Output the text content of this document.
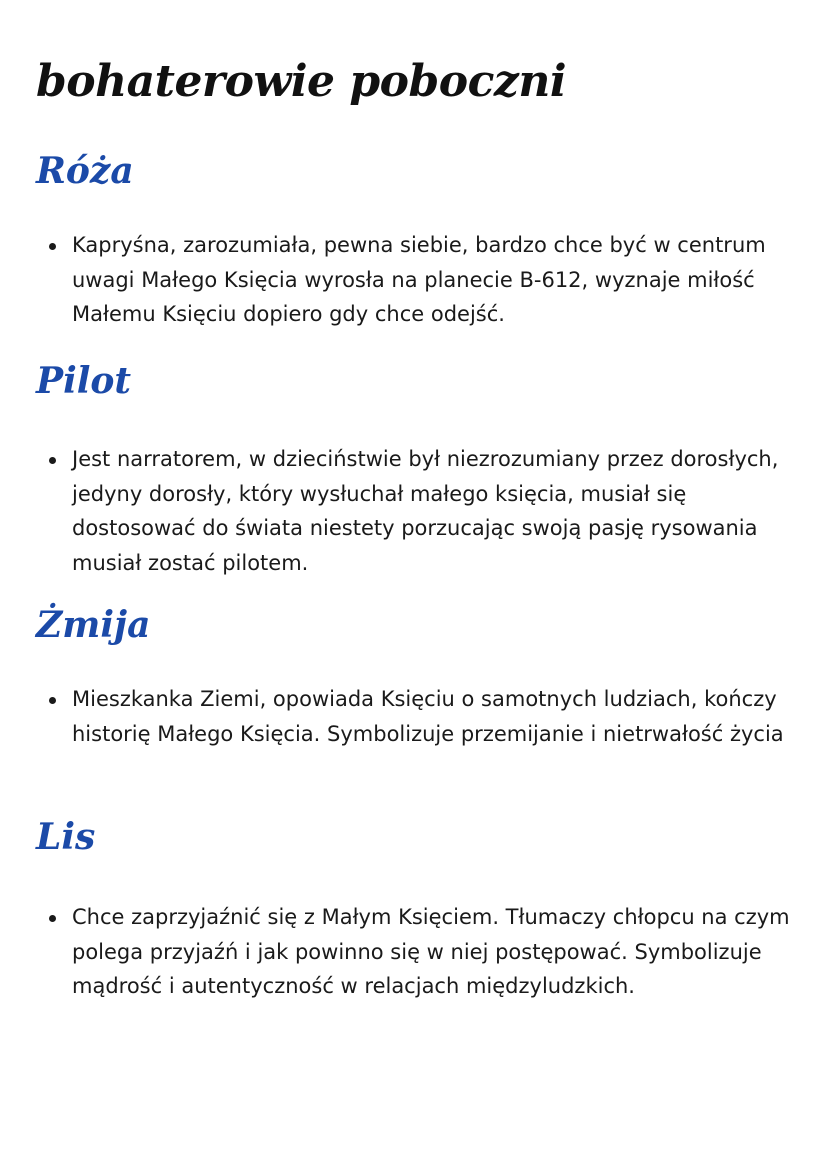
bohaterowie poboczni
Róża
Kapryśna, zarozumiała, pewna siebie, bardzo chce być w centrum uwagi Małego Księcia wyrosła na planecie B-612, wyznaje miłość Małemu Księciu dopiero gdy chce odejść.
Pilot
Jest narratorem, w dzieciństwie był niezrozumiany przez dorosłych, jedyny dorosły, który wysłuchał małego księcia, musiał się dostosować do świata niestety porzucając swoją pasję rysowania musiał zostać pilotem.
Żmija
Mieszkanka Ziemi, opowiada Księciu o samotnych ludziach, kończy historię Małego Księcia. Symbolizuje przemijanie i nietrwałość życia
Lis
Chce zaprzyjaźnić się z Małym Księciem. Tłumaczy chłopcu na czym polega przyjaźń i jak powinno się w niej postępować. Symbolizuje mądrość i autentyczność w relacjach międzyludzkich.
